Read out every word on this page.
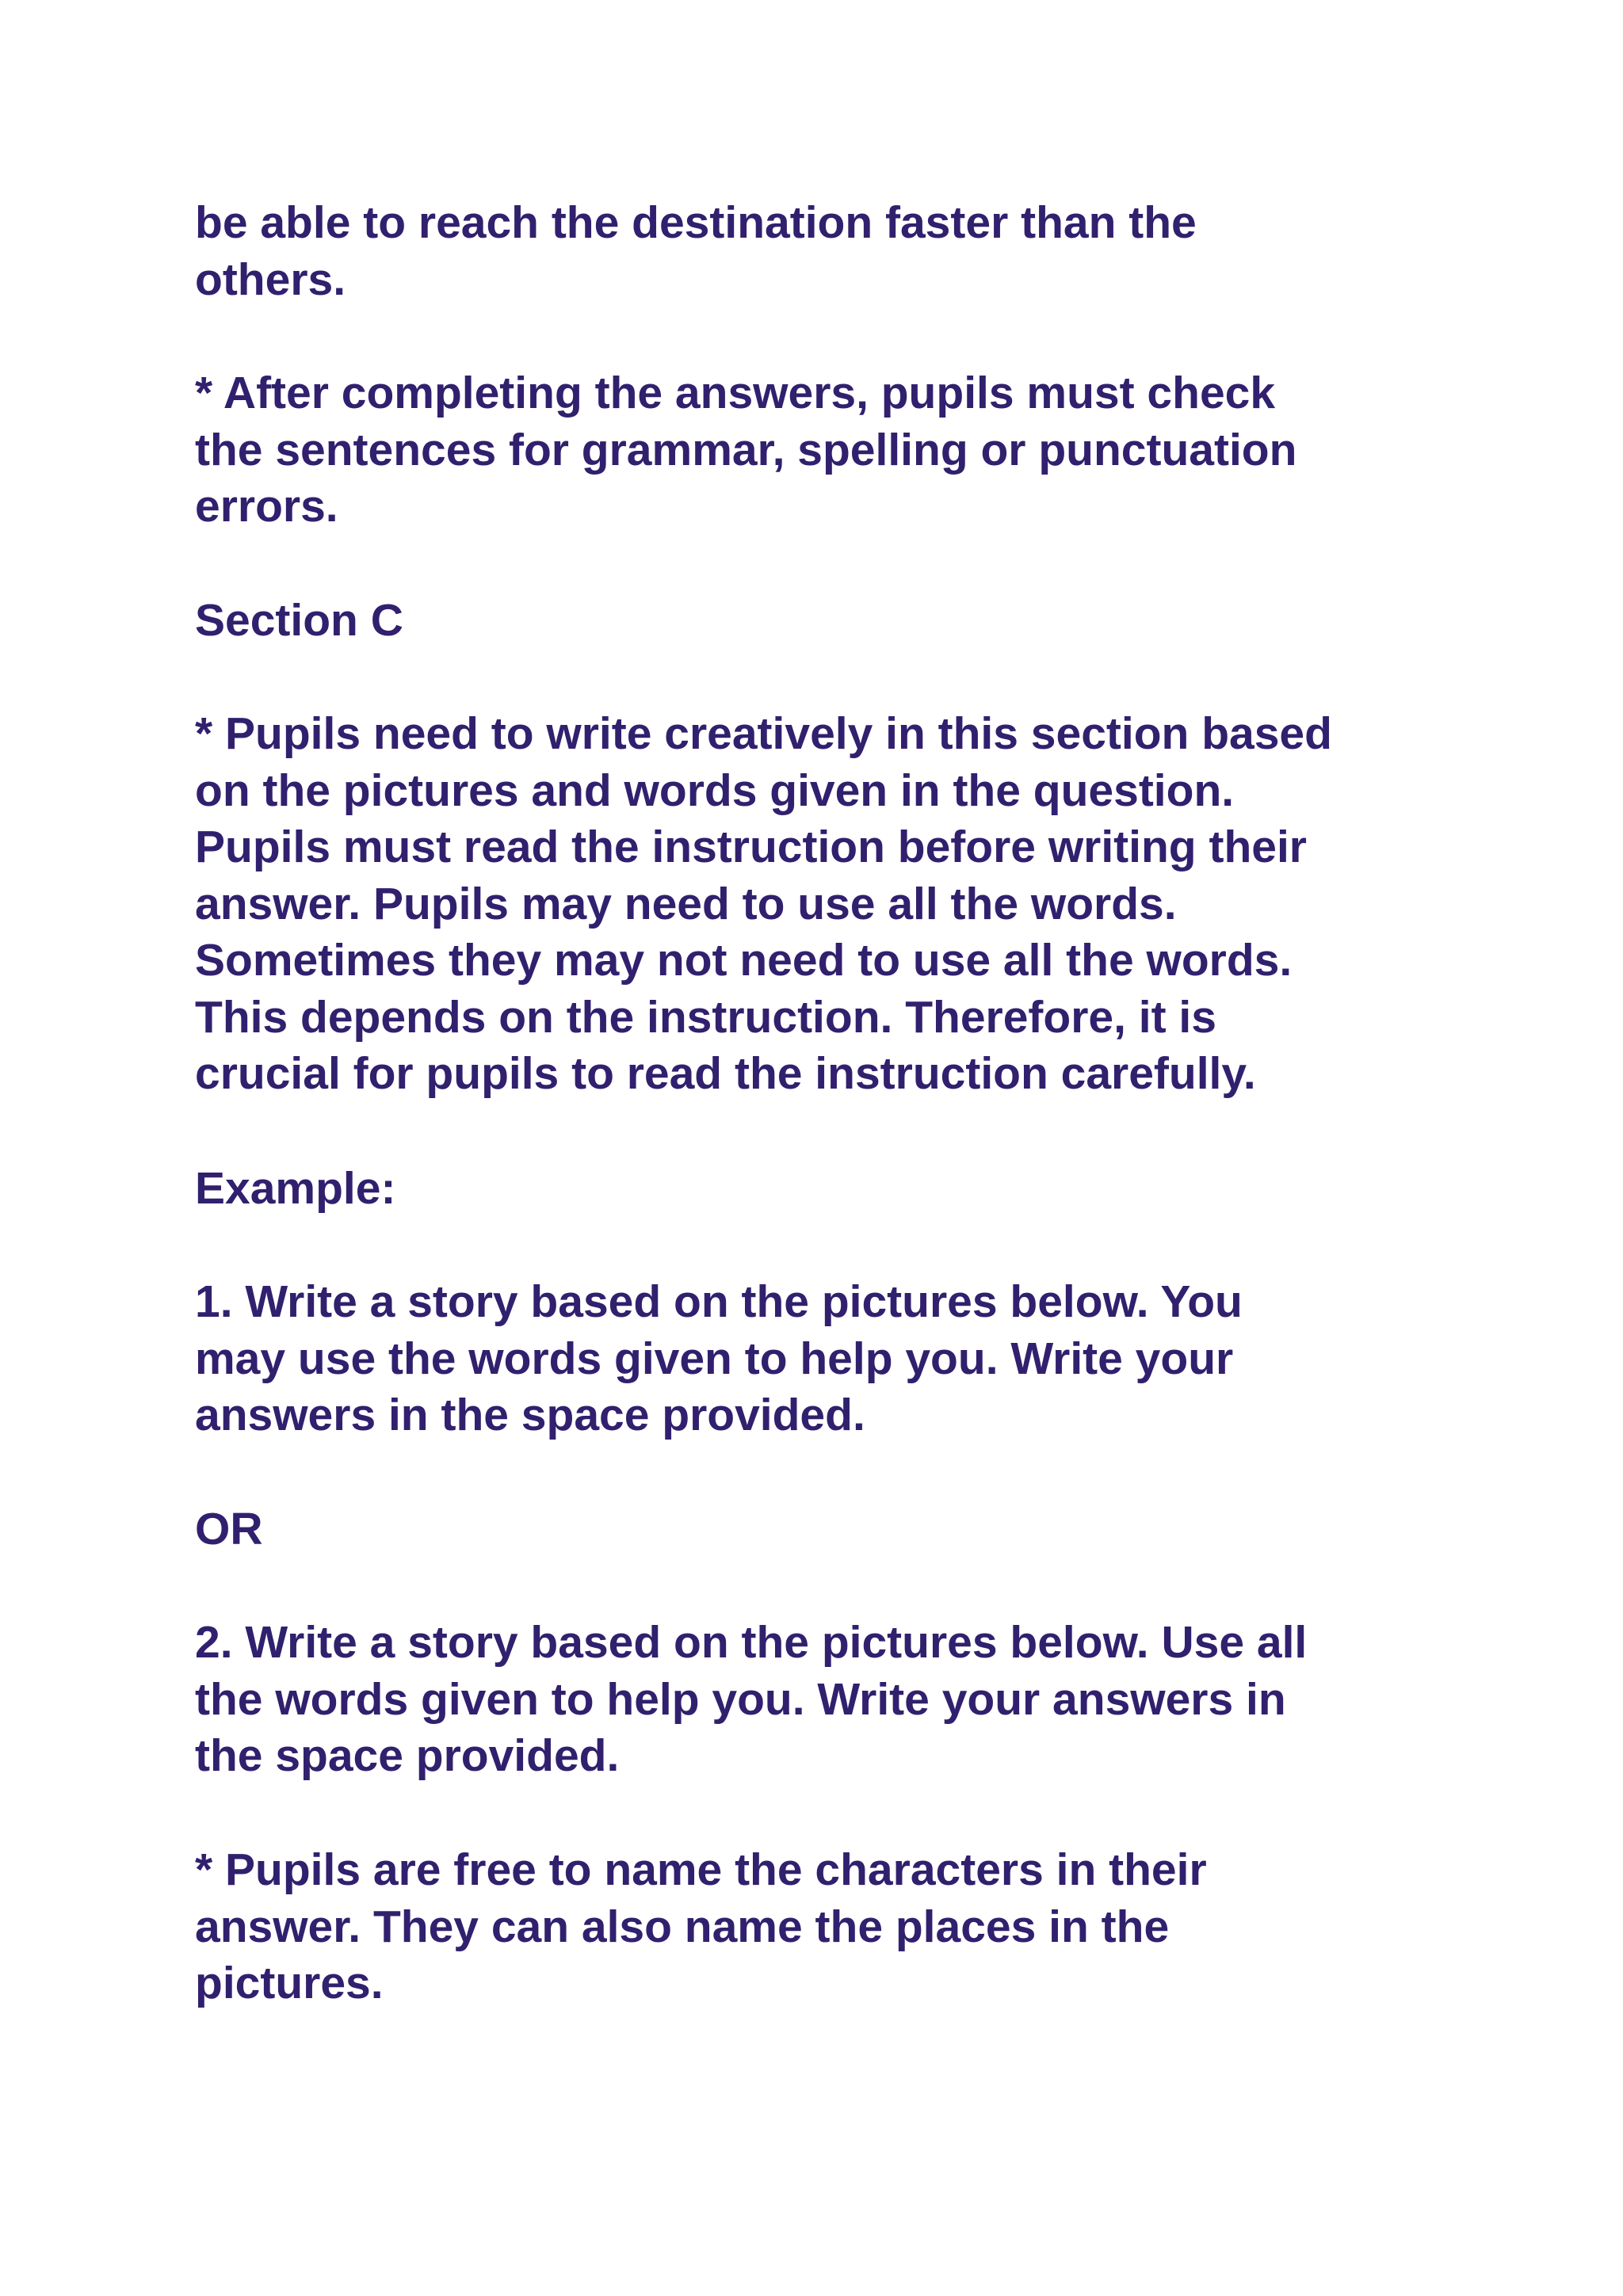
be able to reach the destination faster than the
others.

* After completing the answers, pupils must check
the sentences for grammar, spelling or punctuation
errors.

Section C

* Pupils need to write creatively in this section based
on the pictures and words given in the question.
Pupils must read the instruction before writing their
answer. Pupils may need to use all the words.
Sometimes they may not need to use all the words.
This depends on the instruction. Therefore, it is
crucial for pupils to read the instruction carefully.

Example:

1. Write a story based on the pictures below. You
may use the words given to help you. Write your
answers in the space provided.

OR

2. Write a story based on the pictures below. Use all
the words given to help you. Write your answers in
the space provided.

* Pupils are free to name the characters in their
answer. They can also name the places in the
pictures.
